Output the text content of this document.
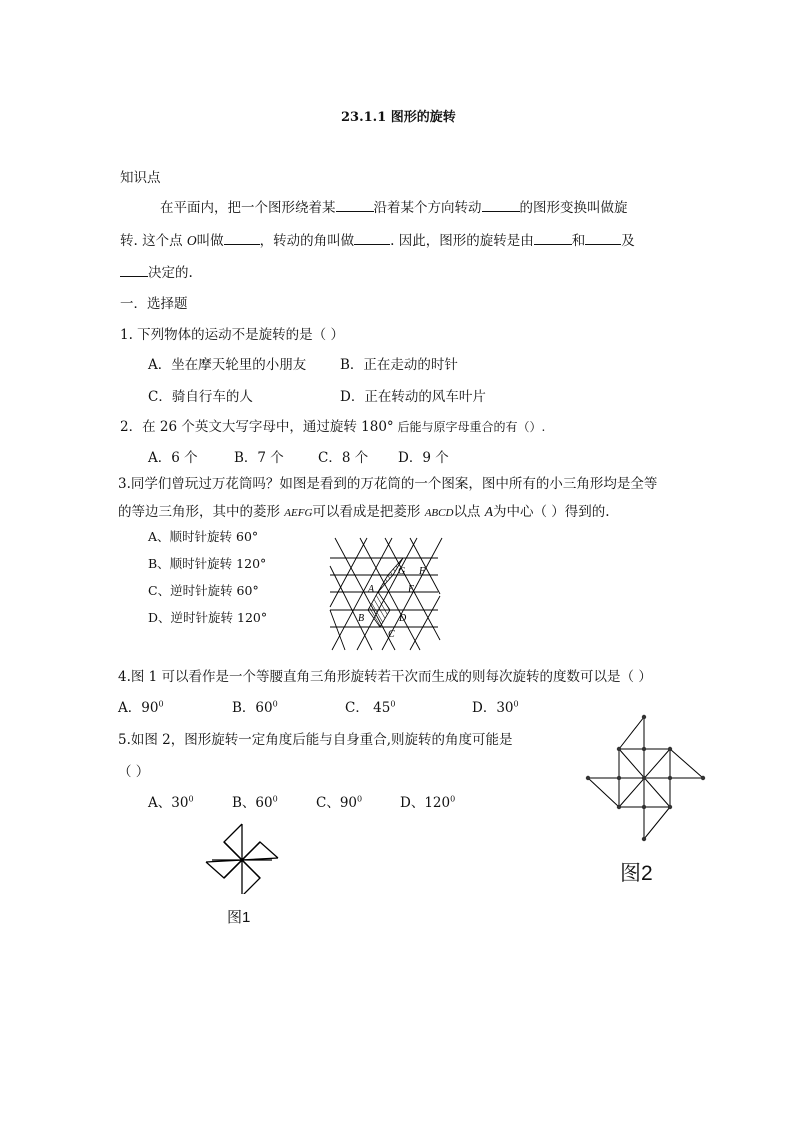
23.1.1 图形的旋转
知识点
在平面内，把一个图形绕着某	沿着某个方向转动	的图形变换叫做旋
转. 这个点 O叫做	，转动的角叫做	. 因此，图形的旋转是由	和	及
决定的.
一．选择题
1. 下列物体的运动不是旋转的是（ ）
A．坐在摩天轮里的小朋友	B．正在走动的时针
C．骑自行车的人	D．正在转动的风车叶片
2．在 26 个英文大写字母中，通过旋转 180° 后能与原字母重合的有（）.
A．6 个	B．7 个	C．8 个 D．9 个
3.同学们曾玩过万花筒吗？如图是看到的万花筒的一个图案，图中所有的小三角形均是全等
的等边三角形，其中的菱形 AEFG可以看成是把菱形 ABCD以点 A为中心（ ）得到的.
A、顺时针旋转 60°
B、顺时针旋转 120°
C、逆时针旋转 60°
D、逆时针旋转 120°
A
B
C
D
E
F
G
4.图 1 可以看作是一个等腰直角三角形旋转若干次而生成的则每次旋转的度数可以是（ ）
A．$90^0$	B．$60^0$	C． $45^0$	D．$30^0$
5.如图 2，图形旋转一定角度后能与自身重合,则旋转的角度可能是
（ ）
A、$30^0$	B、$60^0$	C、$90^0$	D、$120^0$
图1
图2
